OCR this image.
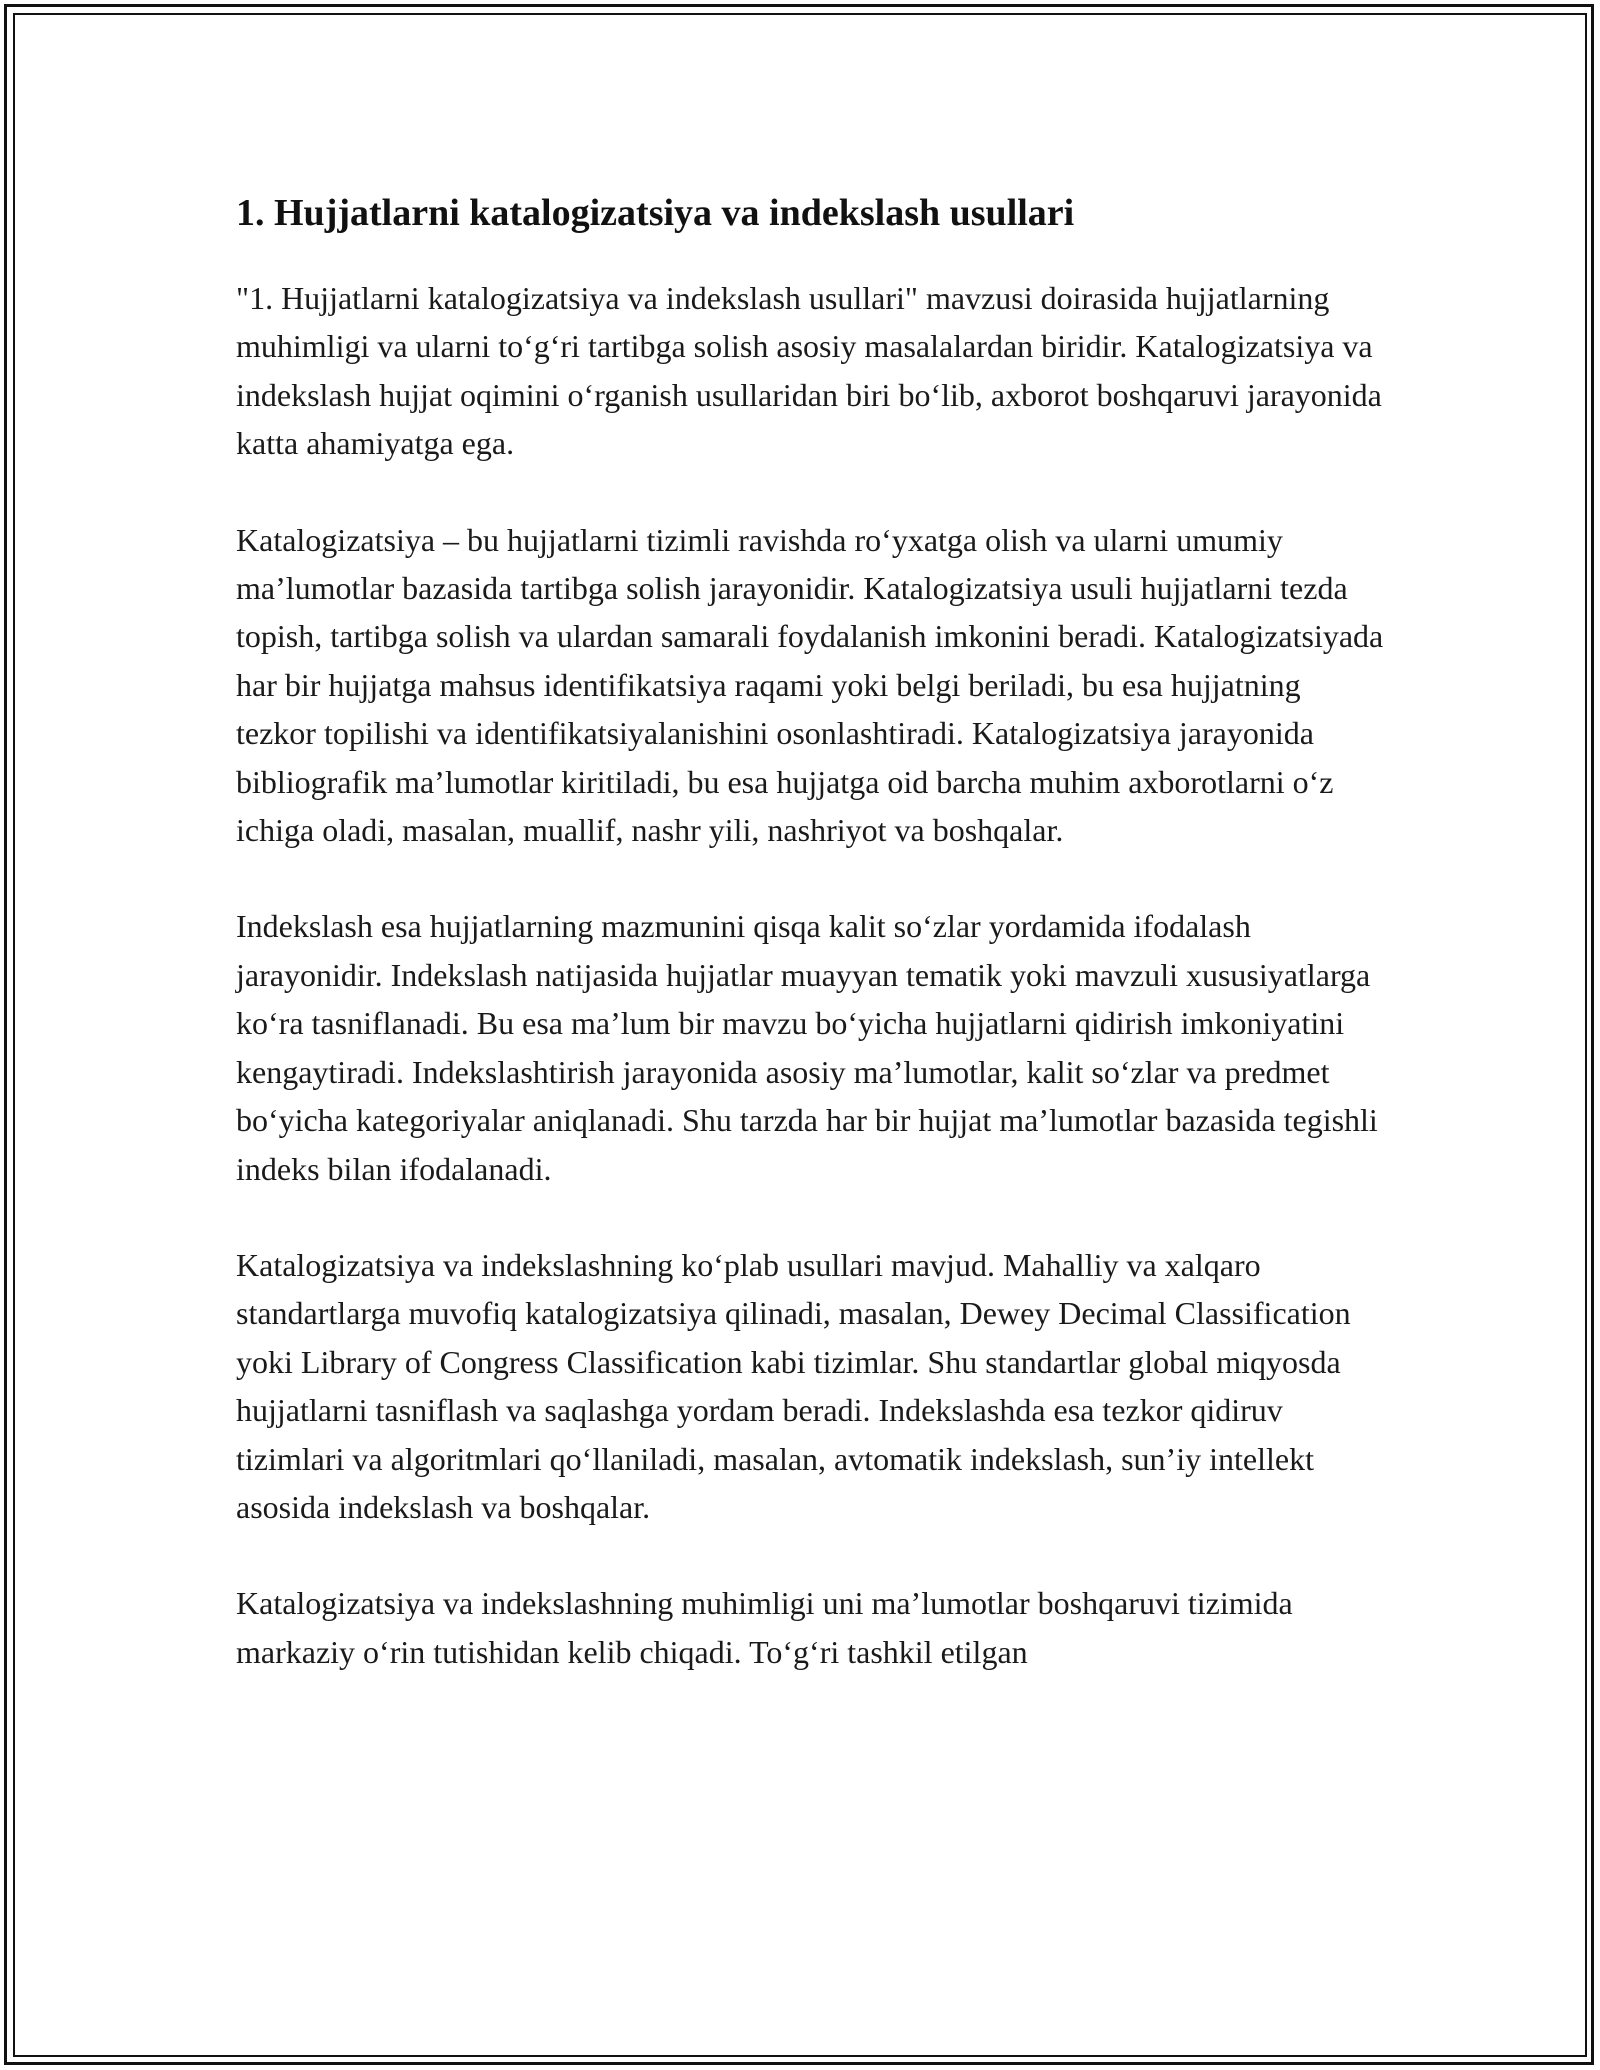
1. Hujjatlarni katalogizatsiya va indekslash usullari

"1. Hujjatlarni katalogizatsiya va indekslash usullari" mavzusi doirasida hujjatlarning muhimligi va ularni to‘g‘ri tartibga solish asosiy masalalardan biridir. Katalogizatsiya va indekslash hujjat oqimini o‘rganish usullaridan biri bo‘lib, axborot boshqaruvi jarayonida katta ahamiyatga ega.

Katalogizatsiya – bu hujjatlarni tizimli ravishda ro‘yxatga olish va ularni umumiy ma’lumotlar bazasida tartibga solish jarayonidir. Katalogizatsiya usuli hujjatlarni tezda topish, tartibga solish va ulardan samarali foydalanish imkonini beradi. Katalogizatsiyada har bir hujjatga mahsus identifikatsiya raqami yoki belgi beriladi, bu esa hujjatning tezkor topilishi va identifikatsiyalanishini osonlashtiradi. Katalogizatsiya jarayonida bibliografik ma’lumotlar kiritiladi, bu esa hujjatga oid barcha muhim axborotlarni o‘z ichiga oladi, masalan, muallif, nashr yili, nashriyot va boshqalar.

Indekslash esa hujjatlarning mazmunini qisqa kalit so‘zlar yordamida ifodalash jarayonidir. Indekslash natijasida hujjatlar muayyan tematik yoki mavzuli xususiyatlarga ko‘ra tasniflanadi. Bu esa ma’lum bir mavzu bo‘yicha hujjatlarni qidirish imkoniyatini kengaytiradi. Indekslashtirish jarayonida asosiy ma’lumotlar, kalit so‘zlar va predmet bo‘yicha kategoriyalar aniqlanadi. Shu tarzda har bir hujjat ma’lumotlar bazasida tegishli indeks bilan ifodalanadi.

Katalogizatsiya va indekslashning ko‘plab usullari mavjud. Mahalliy va xalqaro standartlarga muvofiq katalogizatsiya qilinadi, masalan, Dewey Decimal Classification yoki Library of Congress Classification kabi tizimlar. Shu standartlar global miqyosda hujjatlarni tasniflash va saqlashga yordam beradi. Indekslashda esa tezkor qidiruv tizimlari va algoritmlari qo‘llaniladi, masalan, avtomatik indekslash, sun’iy intellekt asosida indekslash va boshqalar.

Katalogizatsiya va indekslashning muhimligi uni ma’lumotlar boshqaruvi tizimida markaziy o‘rin tutishidan kelib chiqadi. To‘g‘ri tashkil etilgan
